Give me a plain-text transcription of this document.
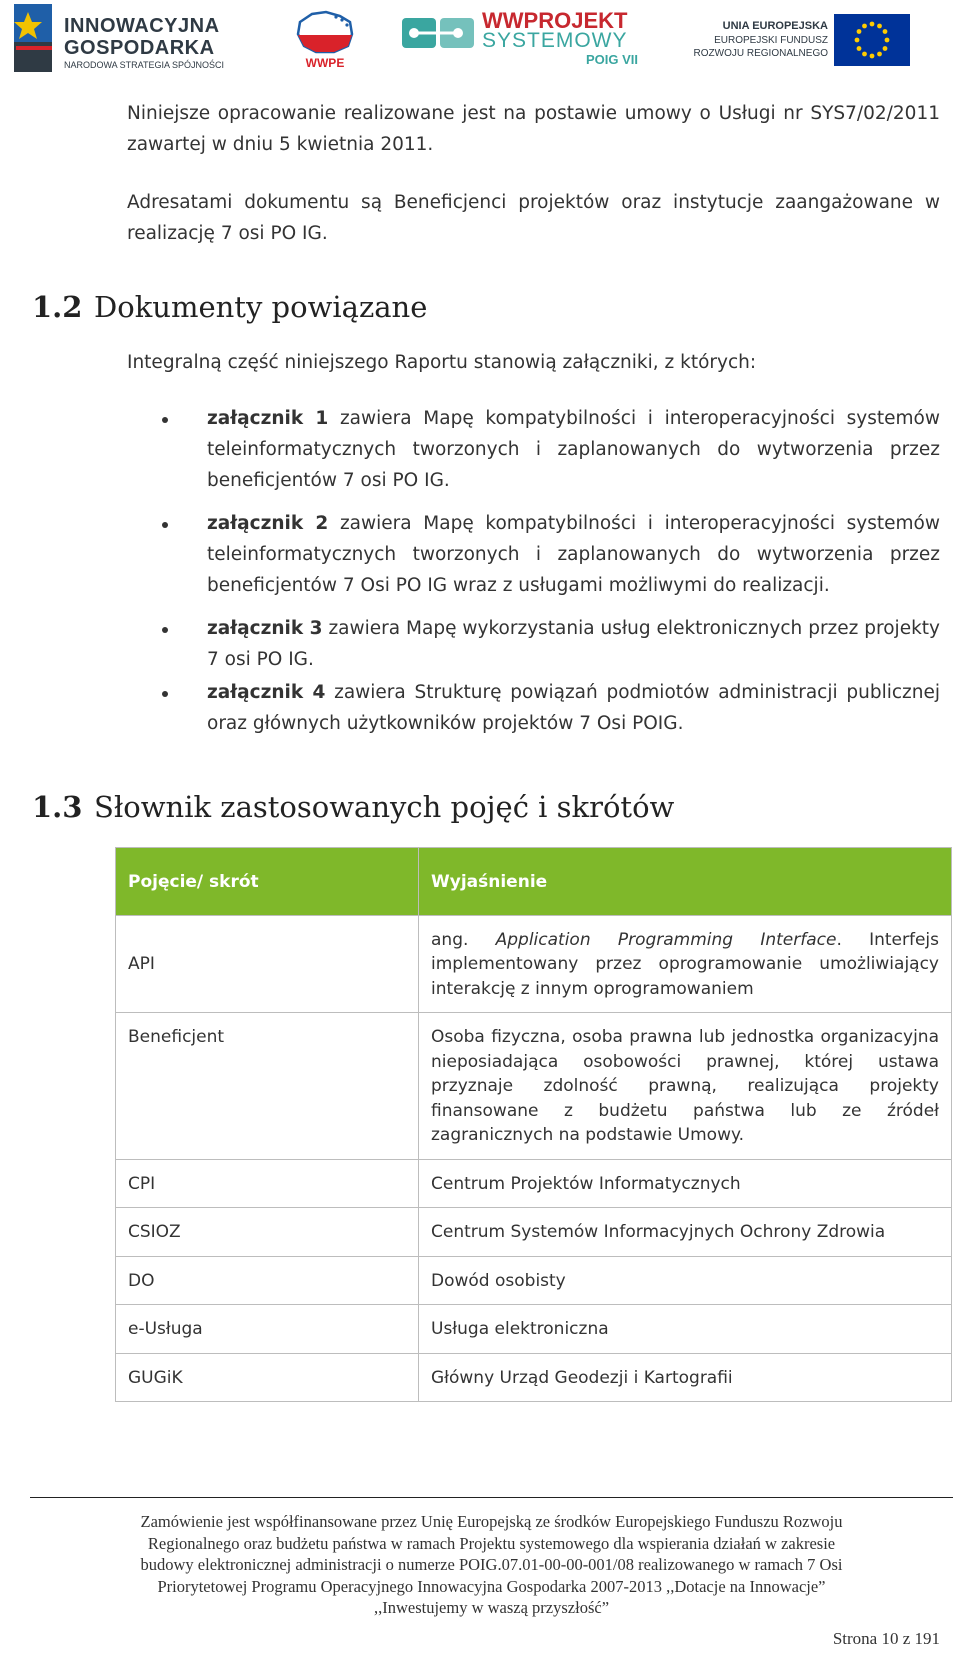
INNOWACYJNA
GOSPODARKA
NARODOWA STRATEGIA SPÓJNOŚCI	WWPE
WWPROJEKT
SYSTEMOWY
POIG VII
UNIA EUROPEJSKA
EUROPEJSKI FUNDUSZ
ROZWOJU REGIONALNEGO

Niniejsze opracowanie realizowane jest na postawie umowy o Usługi nr SYS7/02/2011 zawartej w dniu 5 kwietnia 2011.

Adresatami dokumentu są Beneficjenci projektów oraz instytucje zaangażowane w realizację 7 osi PO IG.

1.2 Dokumenty powiązane

Integralną część niniejszego Raportu stanowią załączniki, z których:

załącznik 1 zawiera Mapę kompatybilności i interoperacyjności systemów teleinformatycznych tworzonych i zaplanowanych do wytworzenia przez beneficjentów 7 osi PO IG.
załącznik 2 zawiera Mapę kompatybilności i interoperacyjności systemów teleinformatycznych tworzonych i zaplanowanych do wytworzenia przez beneficjentów 7 Osi PO IG wraz z usługami możliwymi do realizacji.
załącznik 3 zawiera Mapę wykorzystania usług elektronicznych przez projekty 7 osi PO IG.
załącznik 4 zawiera Strukturę powiązań podmiotów administracji publicznej oraz głównych użytkowników projektów 7 Osi POIG.
1.3 Słownik zastosowanych pojęć i skrótów
Pojęcie/ skrót	Wyjaśnienie
API	ang. Application Programming Interface. Interfejs implementowany przez oprogramowanie umożliwiający interakcję z innym oprogramowaniem
Beneficjent	Osoba fizyczna, osoba prawna lub jednostka organizacyjna nieposiadająca osobowości prawnej, której ustawa przyznaje zdolność prawną, realizująca projekty finansowane z budżetu państwa lub ze źródeł zagranicznych na podstawie Umowy.
CPI	Centrum Projektów Informatycznych
CSIOZ	Centrum Systemów Informacyjnych Ochrony Zdrowia
DO	Dowód osobisty
e-Usługa	Usługa elektroniczna
GUGiK	Główny Urząd Geodezji i Kartografii
Zamówienie jest współfinansowane przez Unię Europejską ze środków Europejskiego Funduszu Rozwoju
Regionalnego oraz budżetu państwa w ramach Projektu systemowego dla wspierania działań w zakresie
budowy elektronicznej administracji o numerze POIG.07.01-00-00-001/08 realizowanego w ramach 7 Osi
Priorytetowej Programu Operacyjnego Innowacyjna Gospodarka 2007-2013 ,,Dotacje na Innowacje”
,,Inwestujemy w waszą przyszłość”
Strona 10 z 191
